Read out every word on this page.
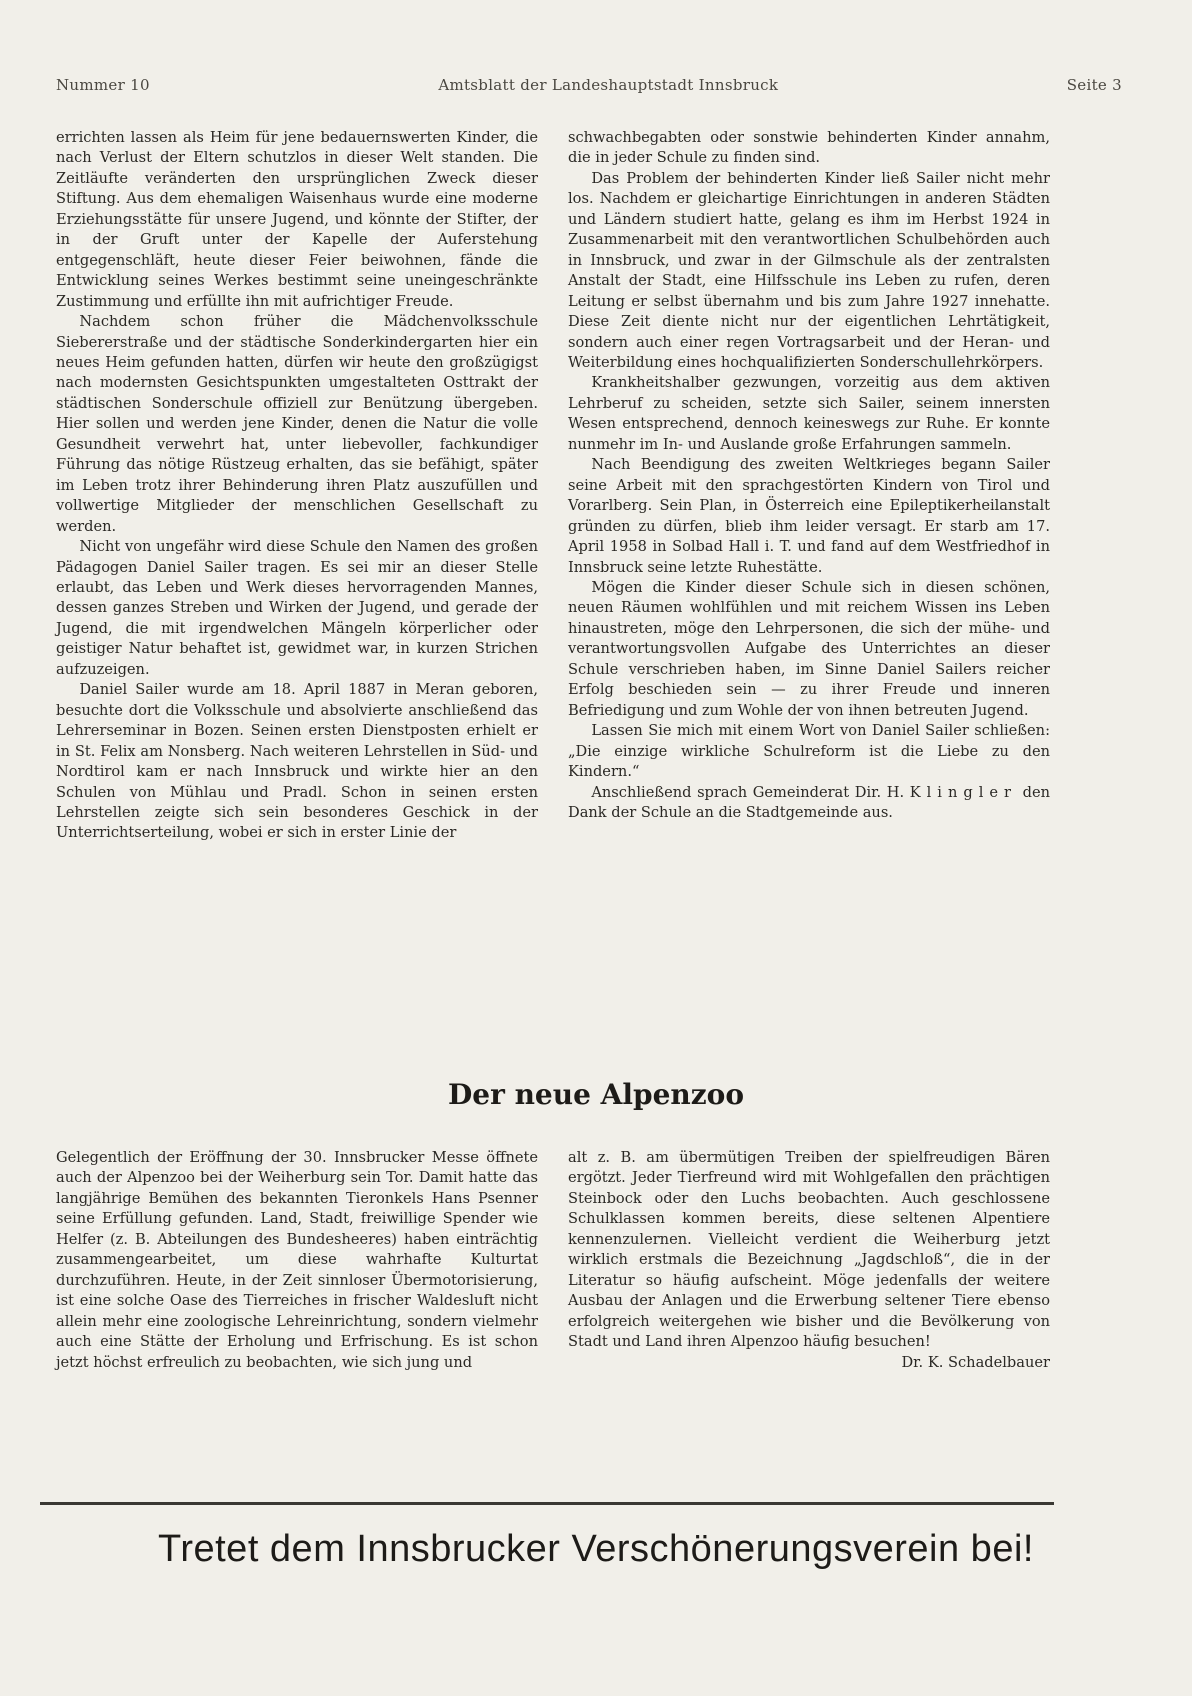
Nummer 10	Amtsblatt der Landeshauptstadt Innsbruck	Seite 3

errichten lassen als Heim für jene bedauernswerten Kinder, die nach Verlust der Eltern schutzlos in dieser Welt standen. Die Zeitläufte veränderten den ursprünglichen Zweck dieser Stiftung. Aus dem ehemaligen Waisenhaus wurde eine moderne Erziehungsstätte für unsere Jugend, und könnte der Stifter, der in der Gruft unter der Kapelle der Auferstehung entgegenschläft, heute dieser Feier beiwohnen, fände die Entwicklung seines Werkes bestimmt seine uneingeschränkte Zustimmung und erfüllte ihn mit aufrichtiger Freude.

Nachdem schon früher die Mädchenvolksschule Siebererstraße und der städtische Sonderkindergarten hier ein neues Heim gefunden hatten, dürfen wir heute den großzügigst nach modernsten Gesichtspunkten umgestalteten Osttrakt der städtischen Sonderschule offiziell zur Benützung übergeben. Hier sollen und werden jene Kinder, denen die Natur die volle Gesundheit verwehrt hat, unter liebevoller, fachkundiger Führung das nötige Rüstzeug erhalten, das sie befähigt, später im Leben trotz ihrer Behinderung ihren Platz auszufüllen und vollwertige Mitglieder der menschlichen Gesellschaft zu werden.

Nicht von ungefähr wird diese Schule den Namen des großen Pädagogen Daniel Sailer tragen. Es sei mir an dieser Stelle erlaubt, das Leben und Werk dieses hervorragenden Mannes, dessen ganzes Streben und Wirken der Jugend, und gerade der Jugend, die mit irgendwelchen Mängeln körperlicher oder geistiger Natur behaftet ist, gewidmet war, in kurzen Strichen aufzuzeigen.

Daniel Sailer wurde am 18. April 1887 in Meran geboren, besuchte dort die Volksschule und absolvierte anschließend das Lehrerseminar in Bozen. Seinen ersten Dienstposten erhielt er in St. Felix am Nonsberg. Nach weiteren Lehrstellen in Süd- und Nordtirol kam er nach Innsbruck und wirkte hier an den Schulen von Mühlau und Pradl. Schon in seinen ersten Lehrstellen zeigte sich sein besonderes Geschick in der Unterrichtserteilung, wobei er sich in erster Linie der

schwachbegabten oder sonstwie behinderten Kinder annahm, die in jeder Schule zu finden sind.

Das Problem der behinderten Kinder ließ Sailer nicht mehr los. Nachdem er gleichartige Einrichtungen in anderen Städten und Ländern studiert hatte, gelang es ihm im Herbst 1924 in Zusammenarbeit mit den verantwortlichen Schulbehörden auch in Innsbruck, und zwar in der Gilmschule als der zentralsten Anstalt der Stadt, eine Hilfsschule ins Leben zu rufen, deren Leitung er selbst übernahm und bis zum Jahre 1927 innehatte. Diese Zeit diente nicht nur der eigentlichen Lehrtätigkeit, sondern auch einer regen Vortragsarbeit und der Heran- und Weiterbildung eines hochqualifizierten Sonderschullehrkörpers.

Krankheitshalber gezwungen, vorzeitig aus dem aktiven Lehrberuf zu scheiden, setzte sich Sailer, seinem innersten Wesen entsprechend, dennoch keineswegs zur Ruhe. Er konnte nunmehr im In- und Auslande große Erfahrungen sammeln.

Nach Beendigung des zweiten Weltkrieges begann Sailer seine Arbeit mit den sprachgestörten Kindern von Tirol und Vorarlberg. Sein Plan, in Österreich eine Epileptikerheilanstalt gründen zu dürfen, blieb ihm leider versagt. Er starb am 17. April 1958 in Solbad Hall i. T. und fand auf dem Westfriedhof in Innsbruck seine letzte Ruhestätte.

Mögen die Kinder dieser Schule sich in diesen schönen, neuen Räumen wohlfühlen und mit reichem Wissen ins Leben hinaustreten, möge den Lehrpersonen, die sich der mühe- und verantwortungsvollen Aufgabe des Unterrichtes an dieser Schule verschrieben haben, im Sinne Daniel Sailers reicher Erfolg beschieden sein — zu ihrer Freude und inneren Befriedigung und zum Wohle der von ihnen betreuten Jugend.

Lassen Sie mich mit einem Wort von Daniel Sailer schließen: „Die einzige wirkliche Schulreform ist die Liebe zu den Kindern.“

Anschließend sprach Gemeinderat Dir. H. Klingler den Dank der Schule an die Stadtgemeinde aus.

Der neue Alpenzoo

Gelegentlich der Eröffnung der 30. Innsbrucker Messe öffnete auch der Alpenzoo bei der Weiherburg sein Tor. Damit hatte das langjährige Bemühen des bekannten Tieronkels Hans Psenner seine Erfüllung gefunden. Land, Stadt, freiwillige Spender wie Helfer (z. B. Abteilungen des Bundesheeres) haben einträchtig zusammengearbeitet, um diese wahrhafte Kulturtat durchzuführen. Heute, in der Zeit sinnloser Übermotorisierung, ist eine solche Oase des Tierreiches in frischer Waldesluft nicht allein mehr eine zoologische Lehreinrichtung, sondern vielmehr auch eine Stätte der Erholung und Erfrischung. Es ist schon jetzt höchst erfreulich zu beobachten, wie sich jung und

alt z. B. am übermütigen Treiben der spielfreudigen Bären ergötzt. Jeder Tierfreund wird mit Wohlgefallen den prächtigen Steinbock oder den Luchs beobachten. Auch geschlossene Schulklassen kommen bereits, diese seltenen Alpentiere kennenzulernen. Vielleicht verdient die Weiherburg jetzt wirklich erstmals die Bezeichnung „Jagdschloß“, die in der Literatur so häufig aufscheint. Möge jedenfalls der weitere Ausbau der Anlagen und die Erwerbung seltener Tiere ebenso erfolgreich weitergehen wie bisher und die Bevölkerung von Stadt und Land ihren Alpenzoo häufig besuchen!

Dr. K. Schadelbauer
Tretet dem Innsbrucker Verschönerungsverein bei!
